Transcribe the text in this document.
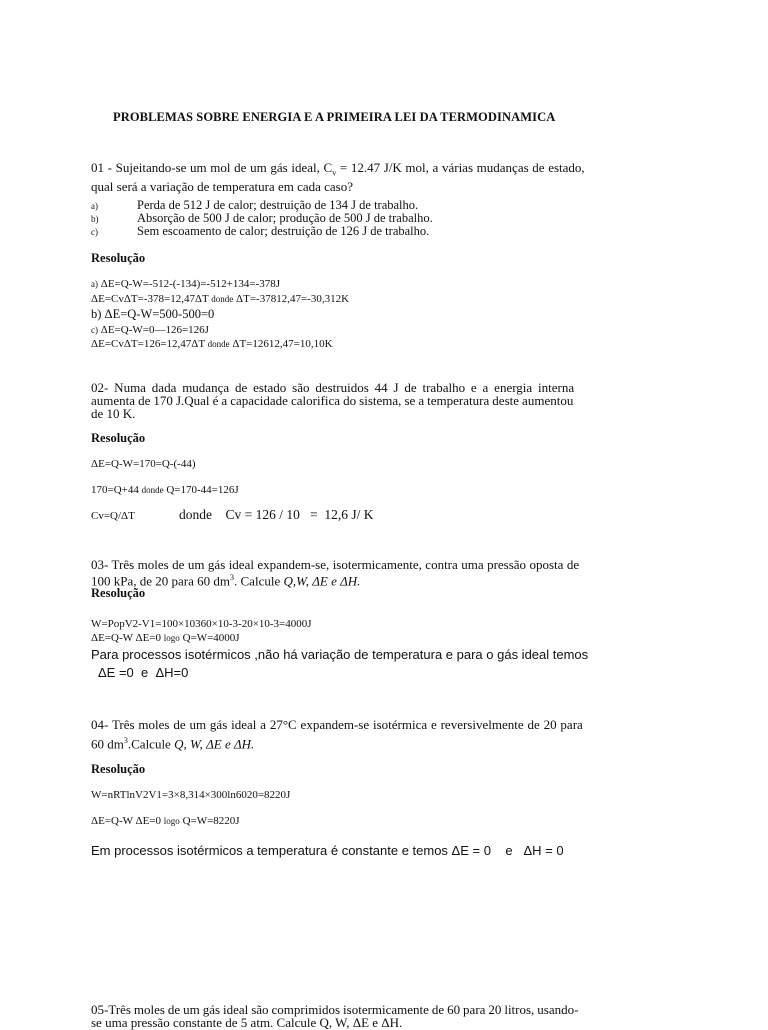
PROBLEMAS SOBRE ENERGIA E A PRIMEIRA LEI DA TERMODINAMICA
01 - Sujeitando-se um mol de um gás ideal, $C_v = 12.47$ J/K mol, a várias mudanças de estado,
qual será a variação de temperatura em cada caso?
a)	Perda de 512 J de calor; destruição de 134 J de trabalho.
b)	Absorção de 500 J de calor; produção de 500 J de trabalho.
c)	Sem escoamento de calor; destruição de 126 J de trabalho.
Resolução
a) ΔE=Q-W=-512-(-134)=-512+134=-378J
ΔE=CvΔT=-378=12,47ΔT donde ΔT=-37812,47=-30,312K
b) ΔE=Q-W=500-500=0
c) ΔE=Q-W=0—126=126J
ΔE=CvΔT=126=12,47ΔT donde ΔT=12612,47=10,10K
02- Numa dada mudança de estado são destruidos 44 J de trabalho e a energia interna
aumenta de 170 J.Qual é a capacidade calorifica do sistema, se a temperatura deste aumentou
de 10 K.
Resolução
ΔE=Q-W=170=Q-(-44)
170=Q+44 donde Q=170-44=126J
Cv=Q/ΔT	donde    Cv = 126 / 10   =  12,6 J/ K
03- Três moles de um gás ideal expandem-se, isotermicamente, contra uma pressão oposta de
100 kPa, de 20 para 60 $dm^3$. Calcule Q,W, ΔE e ΔH.
Resolução
W=PopV2-V1=100×10360×10-3-20×10-3=4000J
ΔE=Q-W ΔE=0 logo Q=W=4000J
Para processos isotérmicos ,não há variação de temperatura e para o gás ideal temos
ΔE =0  e  ΔH=0
04- Três moles de um gás ideal a 27°C expandem-se isotérmica e reversivelmente de 20 para
60 $dm^3.Calcule$ Q, W, ΔE e ΔH.
Resolução
W=nRTlnV2V1=3×8,314×300ln6020=8220J
ΔE=Q-W ΔE=0 logo Q=W=8220J
Em processos isotérmicos a temperatura é constante e temos ΔE = 0    e   ΔH = 0
05-Três moles de um gás ideal são comprimidos isotermicamente de 60 para 20 litros, usando-
se uma pressão constante de 5 atm. Calcule Q, W, ΔE e ΔH.
